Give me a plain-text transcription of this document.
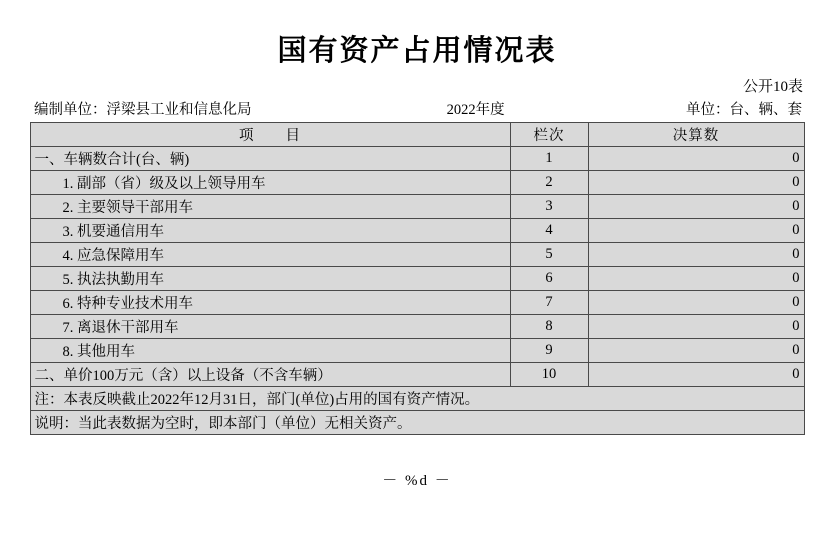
国有资产占用情况表
公开10表
编制单位：浮梁县工业和信息化局	2022年度	单位：台、辆、套
项　　目	栏次	决算数
一、车辆数合计(台、辆)	1	0
1. 副部（省）级及以上领导用车	2	0
2. 主要领导干部用车	3	0
3. 机要通信用车	4	0
4. 应急保障用车	5	0
5. 执法执勤用车	6	0
6. 特种专业技术用车	7	0
7. 离退休干部用车	8	0
8. 其他用车	9	0
二、单价100万元（含）以上设备（不含车辆）	10	0
注：本表反映截止2022年12月31日，部门(单位)占用的国有资产情况。		
说明：当此表数据为空时，即本部门（单位）无相关资产。		
－ %d －
